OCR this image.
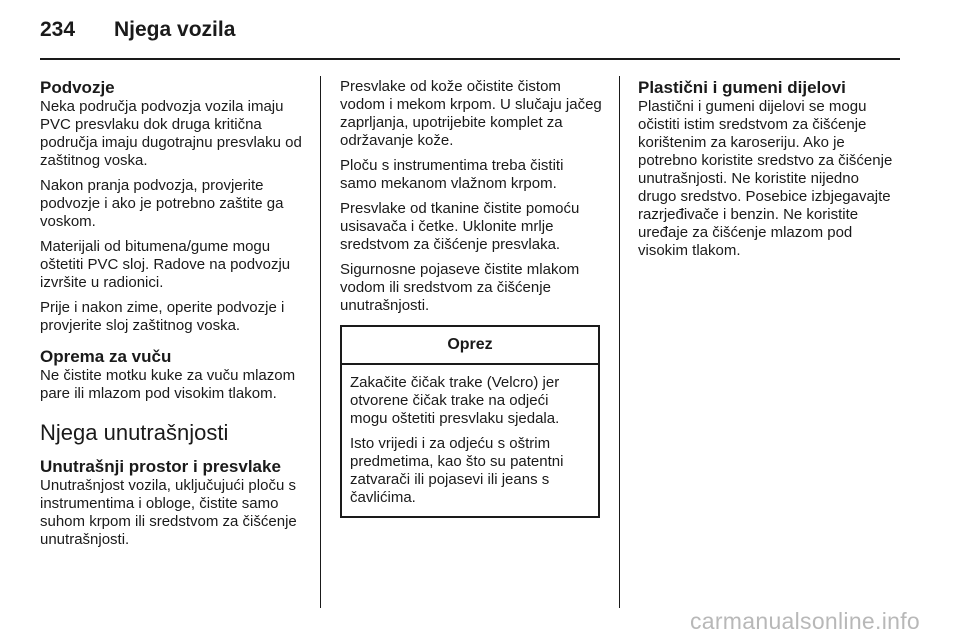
234 Njega vozila
Podvozje

Neka područja podvozja vozila imaju PVC presvlaku dok druga kritična područja imaju dugotrajnu presvlaku od zaštitnog voska.

Nakon pranja podvozja, provjerite podvozje i ako je potrebno zaštite ga voskom.

Materijali od bitumena/gume mogu oštetiti PVC sloj. Radove na podvozju izvršite u radionici.

Prije i nakon zime, operite podvozje i provjerite sloj zaštitnog voska.

Oprema za vuču

Ne čistite motku kuke za vuču mlazom pare ili mlazom pod visokim tlakom.

Njega unutrašnjosti
Unutrašnji prostor i presvlake

Unutrašnjost vozila, uključujući ploču s instrumentima i obloge, čistite samo suhom krpom ili sredstvom za čišćenje unutrašnjosti.

Presvlake od kože očistite čistom vodom i mekom krpom. U slučaju jačeg zaprljanja, upotrijebite komplet za održavanje kože.

Ploču s instrumentima treba čistiti samo mekanom vlažnom krpom.

Presvlake od tkanine čistite pomoću usisavača i četke. Uklonite mrlje sredstvom za čišćenje presvlaka.

Sigurnosne pojaseve čistite mlakom vodom ili sredstvom za čišćenje unutrašnjosti.

Oprez

Zakačite čičak trake (Velcro) jer otvorene čičak trake na odjeći mogu oštetiti presvlaku sjedala.

Isto vrijedi i za odjeću s oštrim predmetima, kao što su patentni zatvarači ili pojasevi ili jeans s čavlićima.

Plastični i gumeni dijelovi

Plastični i gumeni dijelovi se mogu očistiti istim sredstvom za čišćenje korištenim za karoseriju. Ako je potrebno koristite sredstvo za čišćenje unutrašnjosti. Ne koristite nijedno drugo sredstvo. Posebice izbjegavajte razrjeđivače i benzin. Ne koristite uređaje za čišćenje mlazom pod visokim tlakom.

carmanualsonline.info
